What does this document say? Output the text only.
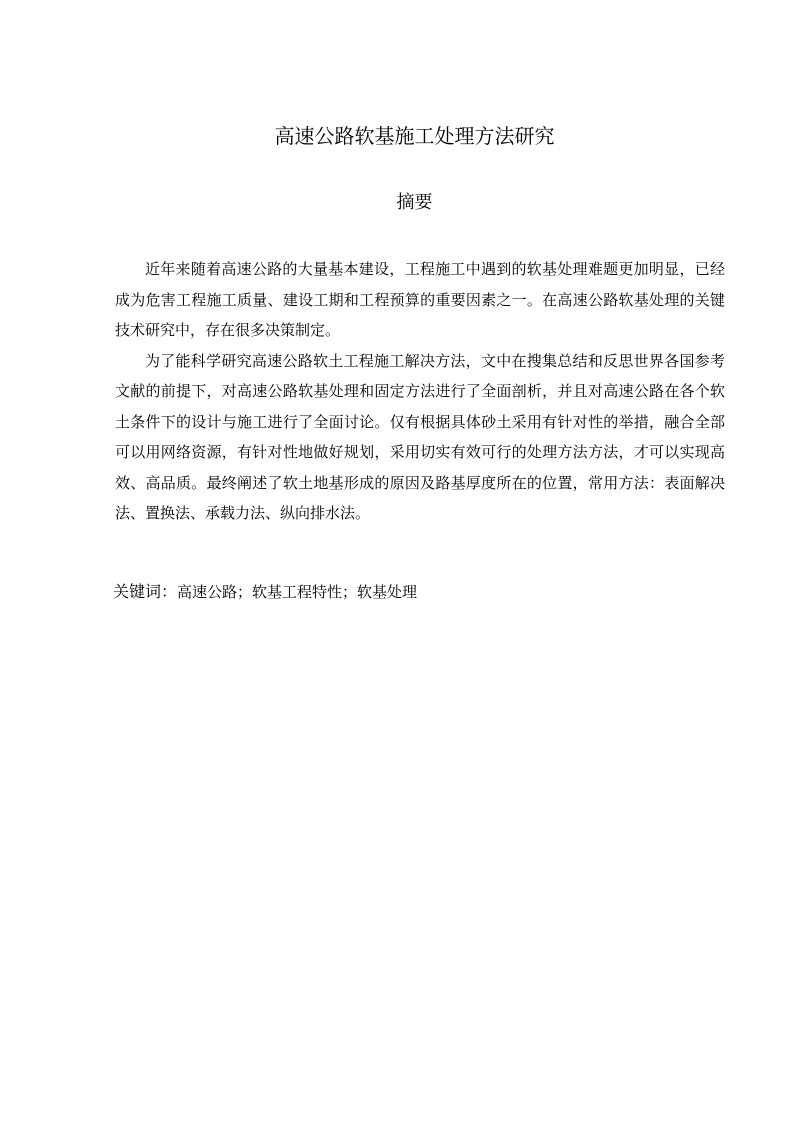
高速公路软基施工处理方法研究
摘要

近年来随着高速公路的大量基本建设，工程施工中遇到的软基处理难题更加明显，已经成为危害工程施工质量、建设工期和工程预算的重要因素之一。在高速公路软基处理的关键技术研究中，存在很多决策制定。

为了能科学研究高速公路软土工程施工解决方法，文中在搜集总结和反思世界各国参考文献的前提下，对高速公路软基处理和固定方法进行了全面剖析，并且对高速公路在各个软土条件下的设计与施工进行了全面讨论。仅有根据具体砂土采用有针对性的举措，融合全部可以用网络资源，有针对性地做好规划，采用切实有效可行的处理方法方法，才可以实现高效、高品质。最终阐述了软土地基形成的原因及路基厚度所在的位置，常用方法：表面解决法、置换法、承载力法、纵向排水法。

关键词：高速公路；软基工程特性；软基处理
